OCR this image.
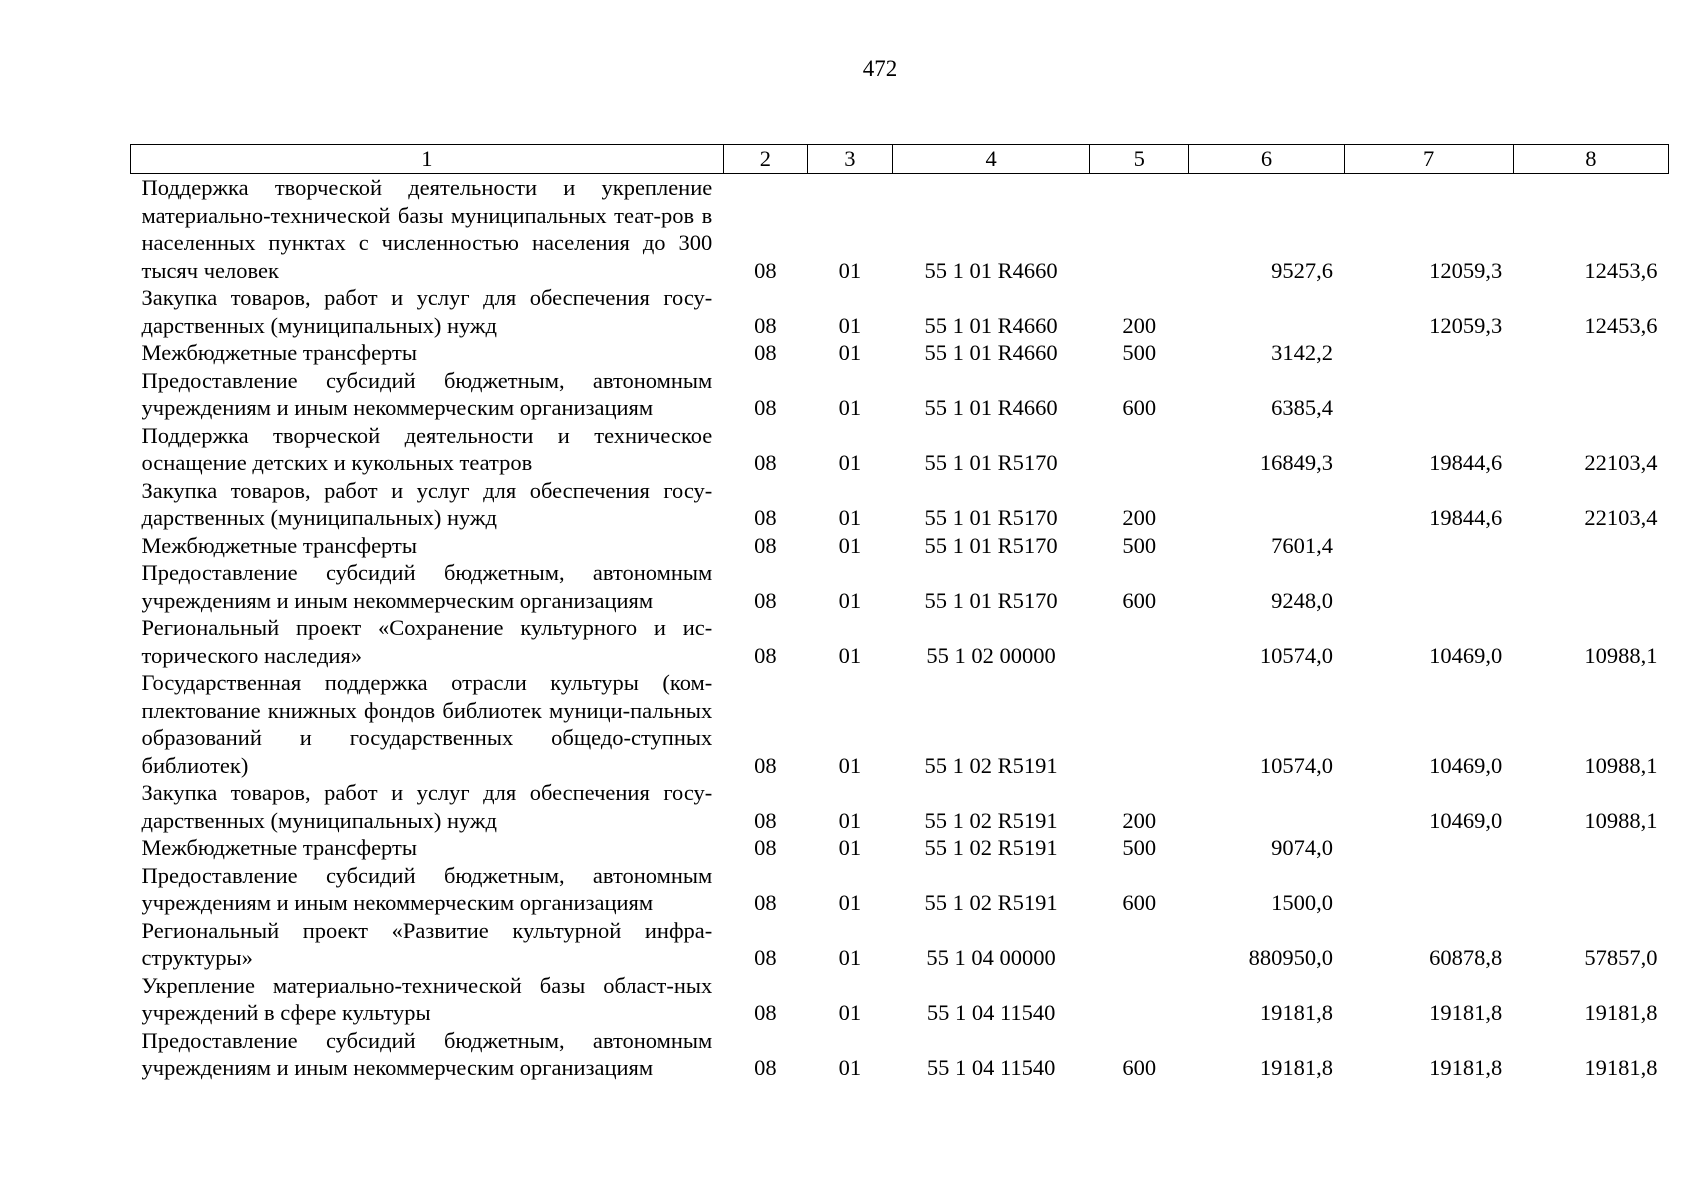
472
1	2	3	4	5	6	7	8
Поддержка творческой деятельности и укрепление материально-технической базы муниципальных теат-ров в населенных пунктах с численностью населения до 300 тысяч человек	08	01	55 1 01 R4660		9527,6	12059,3	12453,6
Закупка товаров, работ и услуг для обеспечения госу-дарственных (муниципальных) нужд	08	01	55 1 01 R4660	200		12059,3	12453,6
Межбюджетные трансферты	08	01	55 1 01 R4660	500	3142,2		
Предоставление субсидий бюджетным, автономным учреждениям и иным некоммерческим организациям	08	01	55 1 01 R4660	600	6385,4		
Поддержка творческой деятельности и техническое оснащение детских и кукольных театров	08	01	55 1 01 R5170		16849,3	19844,6	22103,4
Закупка товаров, работ и услуг для обеспечения госу-дарственных (муниципальных) нужд	08	01	55 1 01 R5170	200		19844,6	22103,4
Межбюджетные трансферты	08	01	55 1 01 R5170	500	7601,4		
Предоставление субсидий бюджетным, автономным учреждениям и иным некоммерческим организациям	08	01	55 1 01 R5170	600	9248,0		
Региональный проект «Сохранение культурного и ис-торического наследия»	08	01	55 1 02 00000		10574,0	10469,0	10988,1
Государственная поддержка отрасли культуры (ком-плектование книжных фондов библиотек муници-пальных образований и государственных общедо-ступных библиотек)	08	01	55 1 02 R5191		10574,0	10469,0	10988,1
Закупка товаров, работ и услуг для обеспечения госу-дарственных (муниципальных) нужд	08	01	55 1 02 R5191	200		10469,0	10988,1
Межбюджетные трансферты	08	01	55 1 02 R5191	500	9074,0		
Предоставление субсидий бюджетным, автономным учреждениям и иным некоммерческим организациям	08	01	55 1 02 R5191	600	1500,0		
Региональный проект «Развитие культурной инфра-структуры»	08	01	55 1 04 00000		880950,0	60878,8	57857,0
Укрепление материально-технической базы област-ных учреждений в сфере культуры	08	01	55 1 04 11540		19181,8	19181,8	19181,8
Предоставление субсидий бюджетным, автономным учреждениям и иным некоммерческим организациям	08	01	55 1 04 11540	600	19181,8	19181,8	19181,8
